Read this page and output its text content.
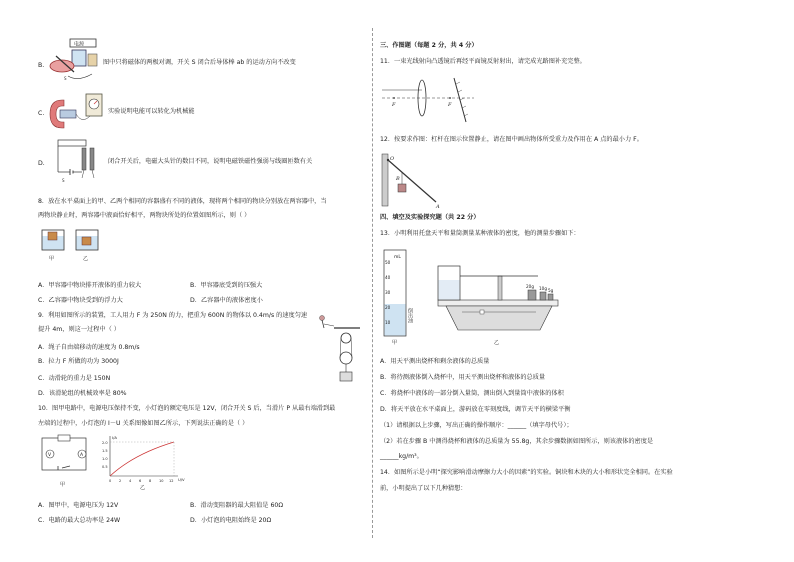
B.
电源
S
图中只将磁体的两极对调，开关 S 闭合后导体棒 ab 的运动方向不改变
C.	实验说明电能可以转化为机械能
D.
S
闭合开关后，电磁大头针的数目不同，说明电磁铁磁性强弱与线圈匝数有关
8．放在水平桌面上的甲、乙两个相同的容器盛有不同的液体，现将两个相同的物块分别放在两容器中，当
两物块静止时，两容器中液面恰好相平，两物块所处的位置如图所示，则（ ）
甲	乙
A．甲容器中物块排开液体的重力较大	B．甲容器底受到的压强大
C．乙容器中物块受到的浮力大	D．乙容器中的液体密度小
9．利用如图所示的装置，工人用力 F 为 250N 的力，把重为 600N 的物体以 0.4m/s 的速度匀速
提升 4m，则这一过程中（ ）
A．绳子自由端移动的速度为 0.8m/s
B．拉力 F 所做的功为 3000J
C．动滑轮的重力是 150N
D．该滑轮组的机械效率是 80%
10．图甲电路中，电源电压保持不变，小灯泡的额定电压是 12V，闭合开关 S 后，当滑片 P 从最右端滑到最
左端的过程中，小灯泡的 I－U 关系图像如图乙所示，下列说法正确的是（ ）
V	A
甲
I/A
U/V
2.0
1.5
1.0
0.5
0 2 4 6 8 10 12
乙
A．图甲中，电源电压为 12V	B．滑动变阻器的最大阻值是 60Ω
C．电路的最大总功率是 24W	D．小灯泡的电阻始终是 20Ω
三、作图题（每题 2 分，共 4 分）
11．一束光线射向凸透镜后再经平面镜反射射出，请完成光路图补充完整。
F	F
12．按要求作图：杠杆在图示位置静止，请在图中画出物体所受重力及作用在 A 点的最小力 F。
O
B
A
四、填空及实验探究题（共 22 分）
13．小明利用托盘天平和量筒测量某种液体的密度，他的测量步骤如下：
mL
50
40
30
20
10	倒出油
甲
20g 10g 5g
乙
A．用天平测出烧杯和剩余液体的总质量
B．将待测液体倒入烧杯中，用天平测出烧杯和液体的总质量
C．将烧杯中液体的一部分倒入量筒，测出倒入到量筒中液体的体积
D．将天平放在水平桌面上，游码放在零刻度线，调节天平的横梁平衡
（1）请根据以上步骤，写出正确的操作顺序：______（填字母代号）；
（2）若在步骤 B 中测得烧杯和液体的总质量为 55.8g，其余步骤数据如图所示，则该液体的密度是
______kg/m³。
14．如图所示是小明“探究影响滑动摩擦力大小的因素”的实验。铜块和木块的大小和形状完全相同。在实验
前，小明提出了以下几种猜想：
